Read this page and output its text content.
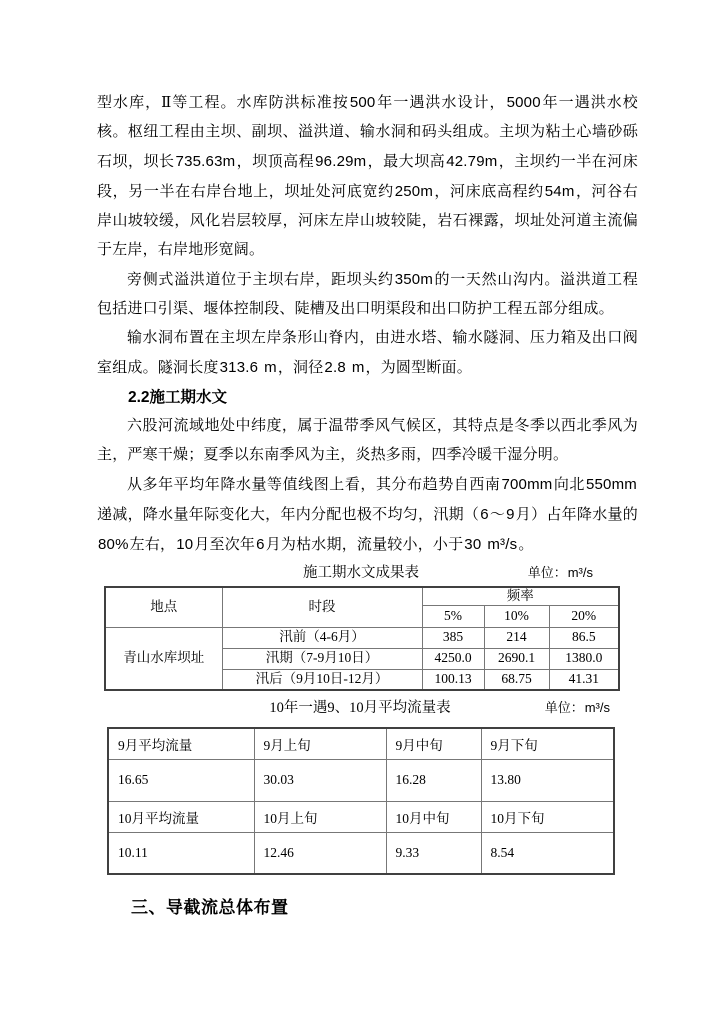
型水库，Ⅱ等工程。水库防洪标准按500年一遇洪水设计，5000年一遇洪水校核。枢纽工程由主坝、副坝、溢洪道、输水洞和码头组成。主坝为粘土心墙砂砾石坝，坝长735.63m，坝顶高程96.29m，最大坝高42.79m，主坝约一半在河床段，另一半在右岸台地上，坝址处河底宽约250m，河床底高程约54m，河谷右岸山坡较缓，风化岩层较厚，河床左岸山坡较陡，岩石裸露，坝址处河道主流偏于左岸，右岸地形宽阔。

旁侧式溢洪道位于主坝右岸，距坝头约350m的一天然山沟内。溢洪道工程包括进口引渠、堰体控制段、陡槽及出口明渠段和出口防护工程五部分组成。

输水洞布置在主坝左岸条形山脊内，由进水塔、输水隧洞、压力箱及出口阀室组成。隧洞长度313.6 m，洞径2.8 m，为圆型断面。

2.2施工期水文

六股河流域地处中纬度，属于温带季风气候区，其特点是冬季以西北季风为主，严寒干燥；夏季以东南季风为主，炎热多雨，四季冷暖干湿分明。

从多年平均年降水量等值线图上看，其分布趋势自西南700mm向北550mm递减，降水量年际变化大，年内分配也极不均匀，汛期（6～9月）占年降水量的80%左右，10月至次年6月为枯水期，流量较小，小于30 m³/s。

施工期水文成果表	单位：m³/s
地点	时段	频率		
		5%	10%	20%
青山水库坝址	汛前（4-6月）	385	214	86.5
	汛期（7-9月10日）	4250.0	2690.1	1380.0
	汛后（9月10日-12月）	100.13	68.75	41.31
10年一遇9、10月平均流量表	单位：m³/s
9月平均流量	9月上旬	9月中旬	9月下旬
16.65	30.03	16.28	13.80
10月平均流量	10月上旬	10月中旬	10月下旬
10.11	12.46	9.33	8.54
三、导截流总体布置
